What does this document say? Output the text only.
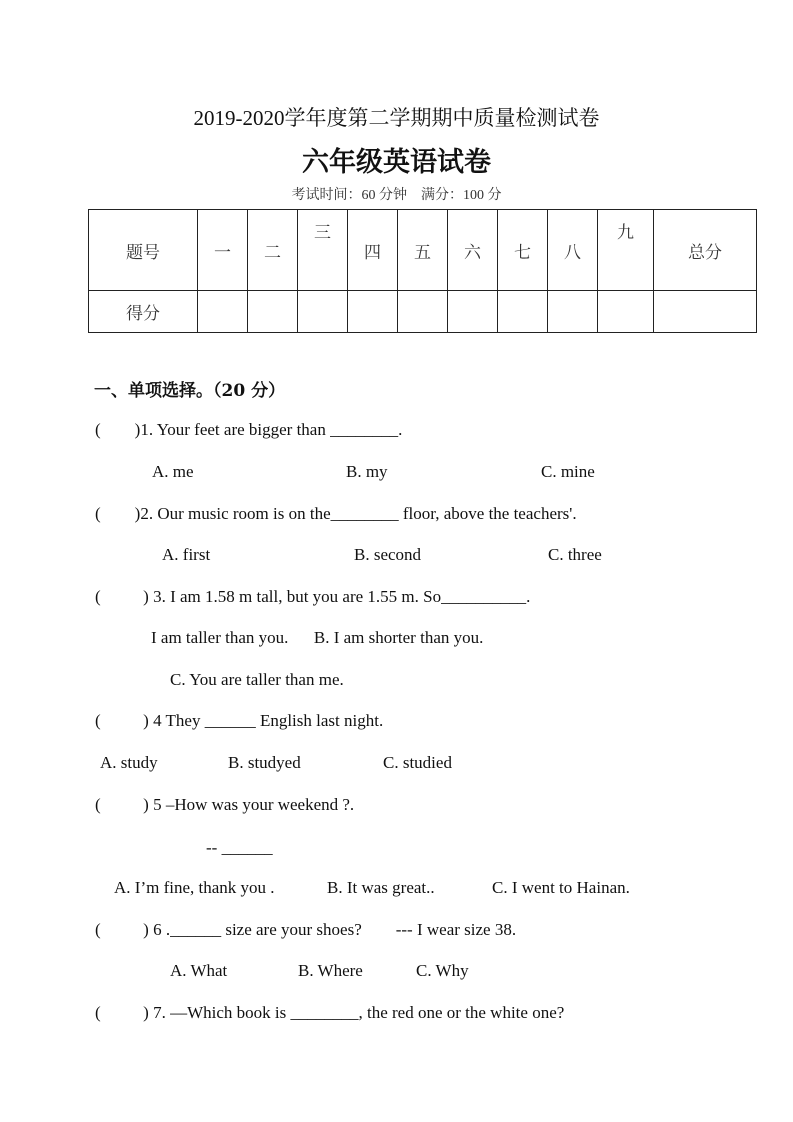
2019-2020学年度第二学期期中质量检测试卷
六年级英语试卷
考试时间：60 分钟    满分：100 分
题号	一	二	三	四	五	六	七	八	九	总分
得分										
一、单项选择。（20 分）
(        )1. Your feet are bigger than ________.
A. me	B. my	C. mine
(        )2. Our music room is on the________ floor, above the teachers'.
A. first	B. second	C. three
(          ) 3. I am 1.58 m tall, but you are 1.55 m. So__________.
I am taller than you.      B. I am shorter than you.
C. You are taller than me.
(          ) 4 They ______ English last night.
A. study	B. studyed	C. studied
(          ) 5 –How was your weekend ?.
-- ______
A. I’m fine, thank you .	B. It was great..	C. I went to Hainan.
(          ) 6 .______ size are your shoes?        --- I wear size 38.
A. What	B. Where	C. Why
(          ) 7. —Which book is ________, the red one or the white one?
